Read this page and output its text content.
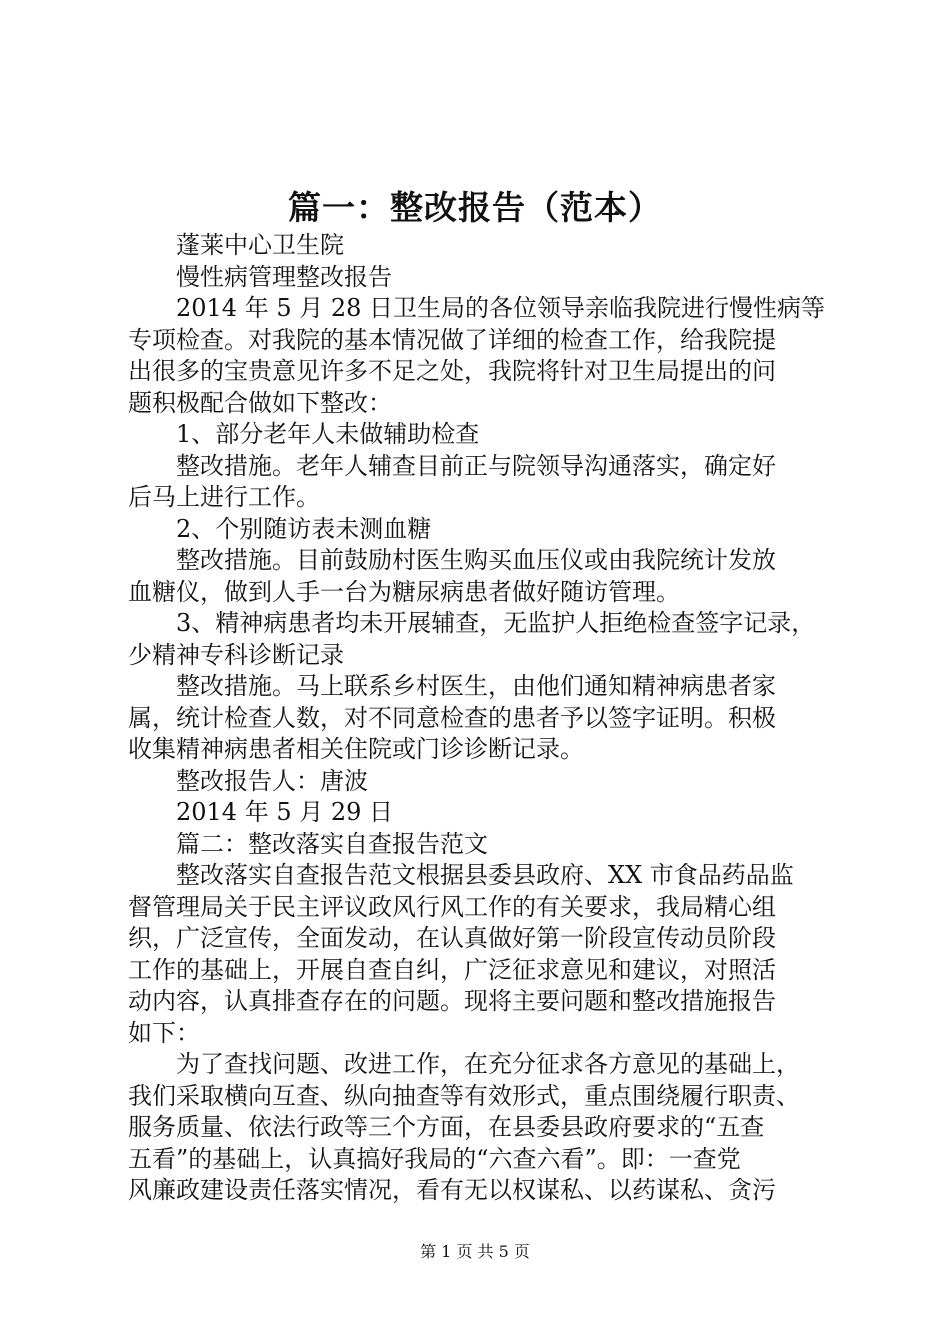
篇一：整改报告（范本）

　　蓬莱中心卫生院

　　慢性病管理整改报告

　　2014 年 5 月 28 日卫生局的各位领导亲临我院进行慢性病等

专项检查。对我院的基本情况做了详细的检查工作，给我院提

出很多的宝贵意见许多不足之处，我院将针对卫生局提出的问

题积极配合做如下整改：

　　1、部分老年人未做辅助检查

　　整改措施。老年人辅查目前正与院领导沟通落实，确定好

后马上进行工作。

　　2、个别随访表未测血糖

　　整改措施。目前鼓励村医生购买血压仪或由我院统计发放

血糖仪，做到人手一台为糖尿病患者做好随访管理。

　　3、精神病患者均未开展辅查，无监护人拒绝检查签字记录，

少精神专科诊断记录

　　整改措施。马上联系乡村医生，由他们通知精神病患者家

属，统计检查人数，对不同意检查的患者予以签字证明。积极

收集精神病患者相关住院或门诊诊断记录。

　　整改报告人：唐波

　　2014 年 5 月 29 日

　　篇二：整改落实自查报告范文

　　整改落实自查报告范文根据县委县政府、XX 市食品药品监

督管理局关于民主评议政风行风工作的有关要求，我局精心组

织，广泛宣传，全面发动，在认真做好第一阶段宣传动员阶段

工作的基础上，开展自查自纠，广泛征求意见和建议，对照活

动内容，认真排查存在的问题。现将主要问题和整改措施报告

如下：

　　为了查找问题、改进工作，在充分征求各方意见的基础上，

我们采取横向互查、纵向抽查等有效形式，重点围绕履行职责、

服务质量、依法行政等三个方面，在县委县政府要求的“五查

五看”的基础上，认真搞好我局的“六查六看”。即：一查党

风廉政建设责任落实情况，看有无以权谋私、以药谋私、贪污

第 1 页 共 5 页
